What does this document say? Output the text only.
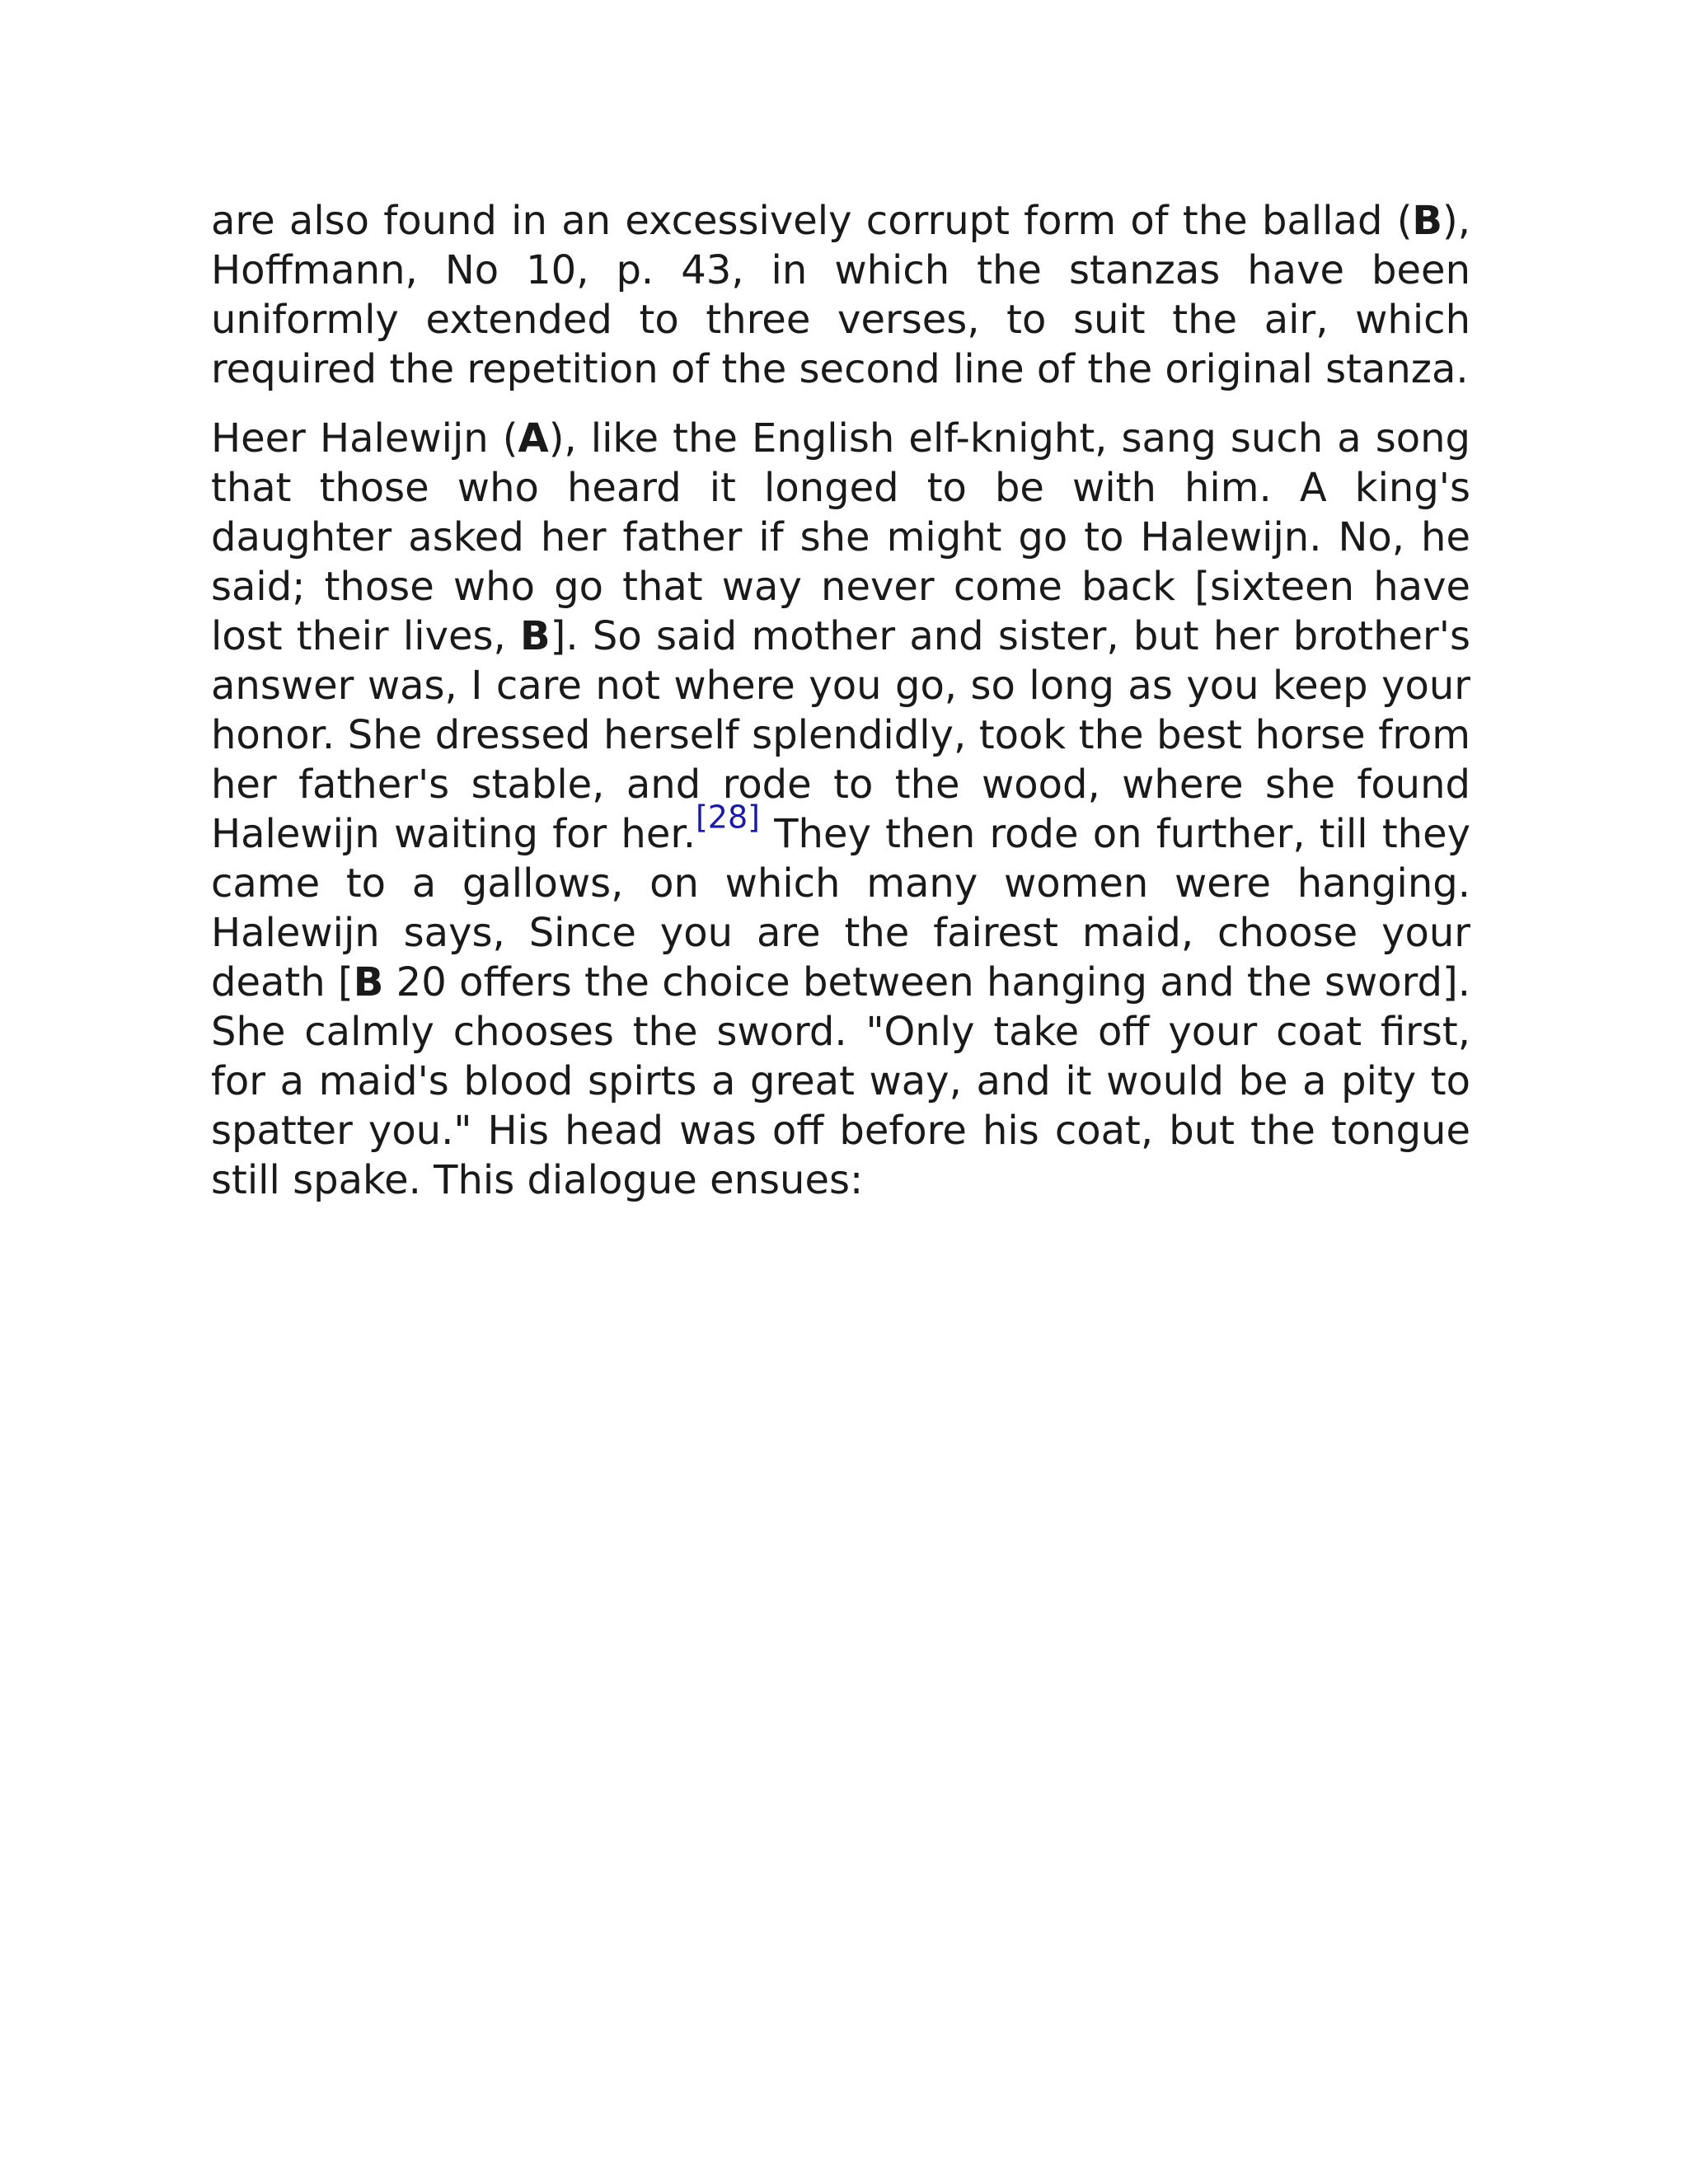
are also found in an excessively corrupt form of the ballad (B), Hoffmann, No 10, p. 43, in which the stanzas have been uniformly extended to three verses, to suit the air, which required the repetition of the second line of the original stanza.

Heer Halewijn (A), like the English elf-knight, sang such a song that those who heard it longed to be with him. A king's daughter asked her father if she might go to Halewijn. No, he said; those who go that way never come back [sixteen have lost their lives, B]. So said mother and sister, but her brother's answer was, I care not where you go, so long as you keep your honor. She dressed herself splendidly, took the best horse from her father's stable, and rode to the wood, where she found Halewijn waiting for her.[28] They then rode on further, till they came to a gallows, on which many women were hanging. Halewijn says, Since you are the fairest maid, choose your death [B 20 offers the choice between hanging and the sword]. She calmly chooses the sword. "Only take off your coat first, for a maid's blood spirts a great way, and it would be a pity to spatter you." His head was off before his coat, but the tongue still spake. This dialogue ensues:
